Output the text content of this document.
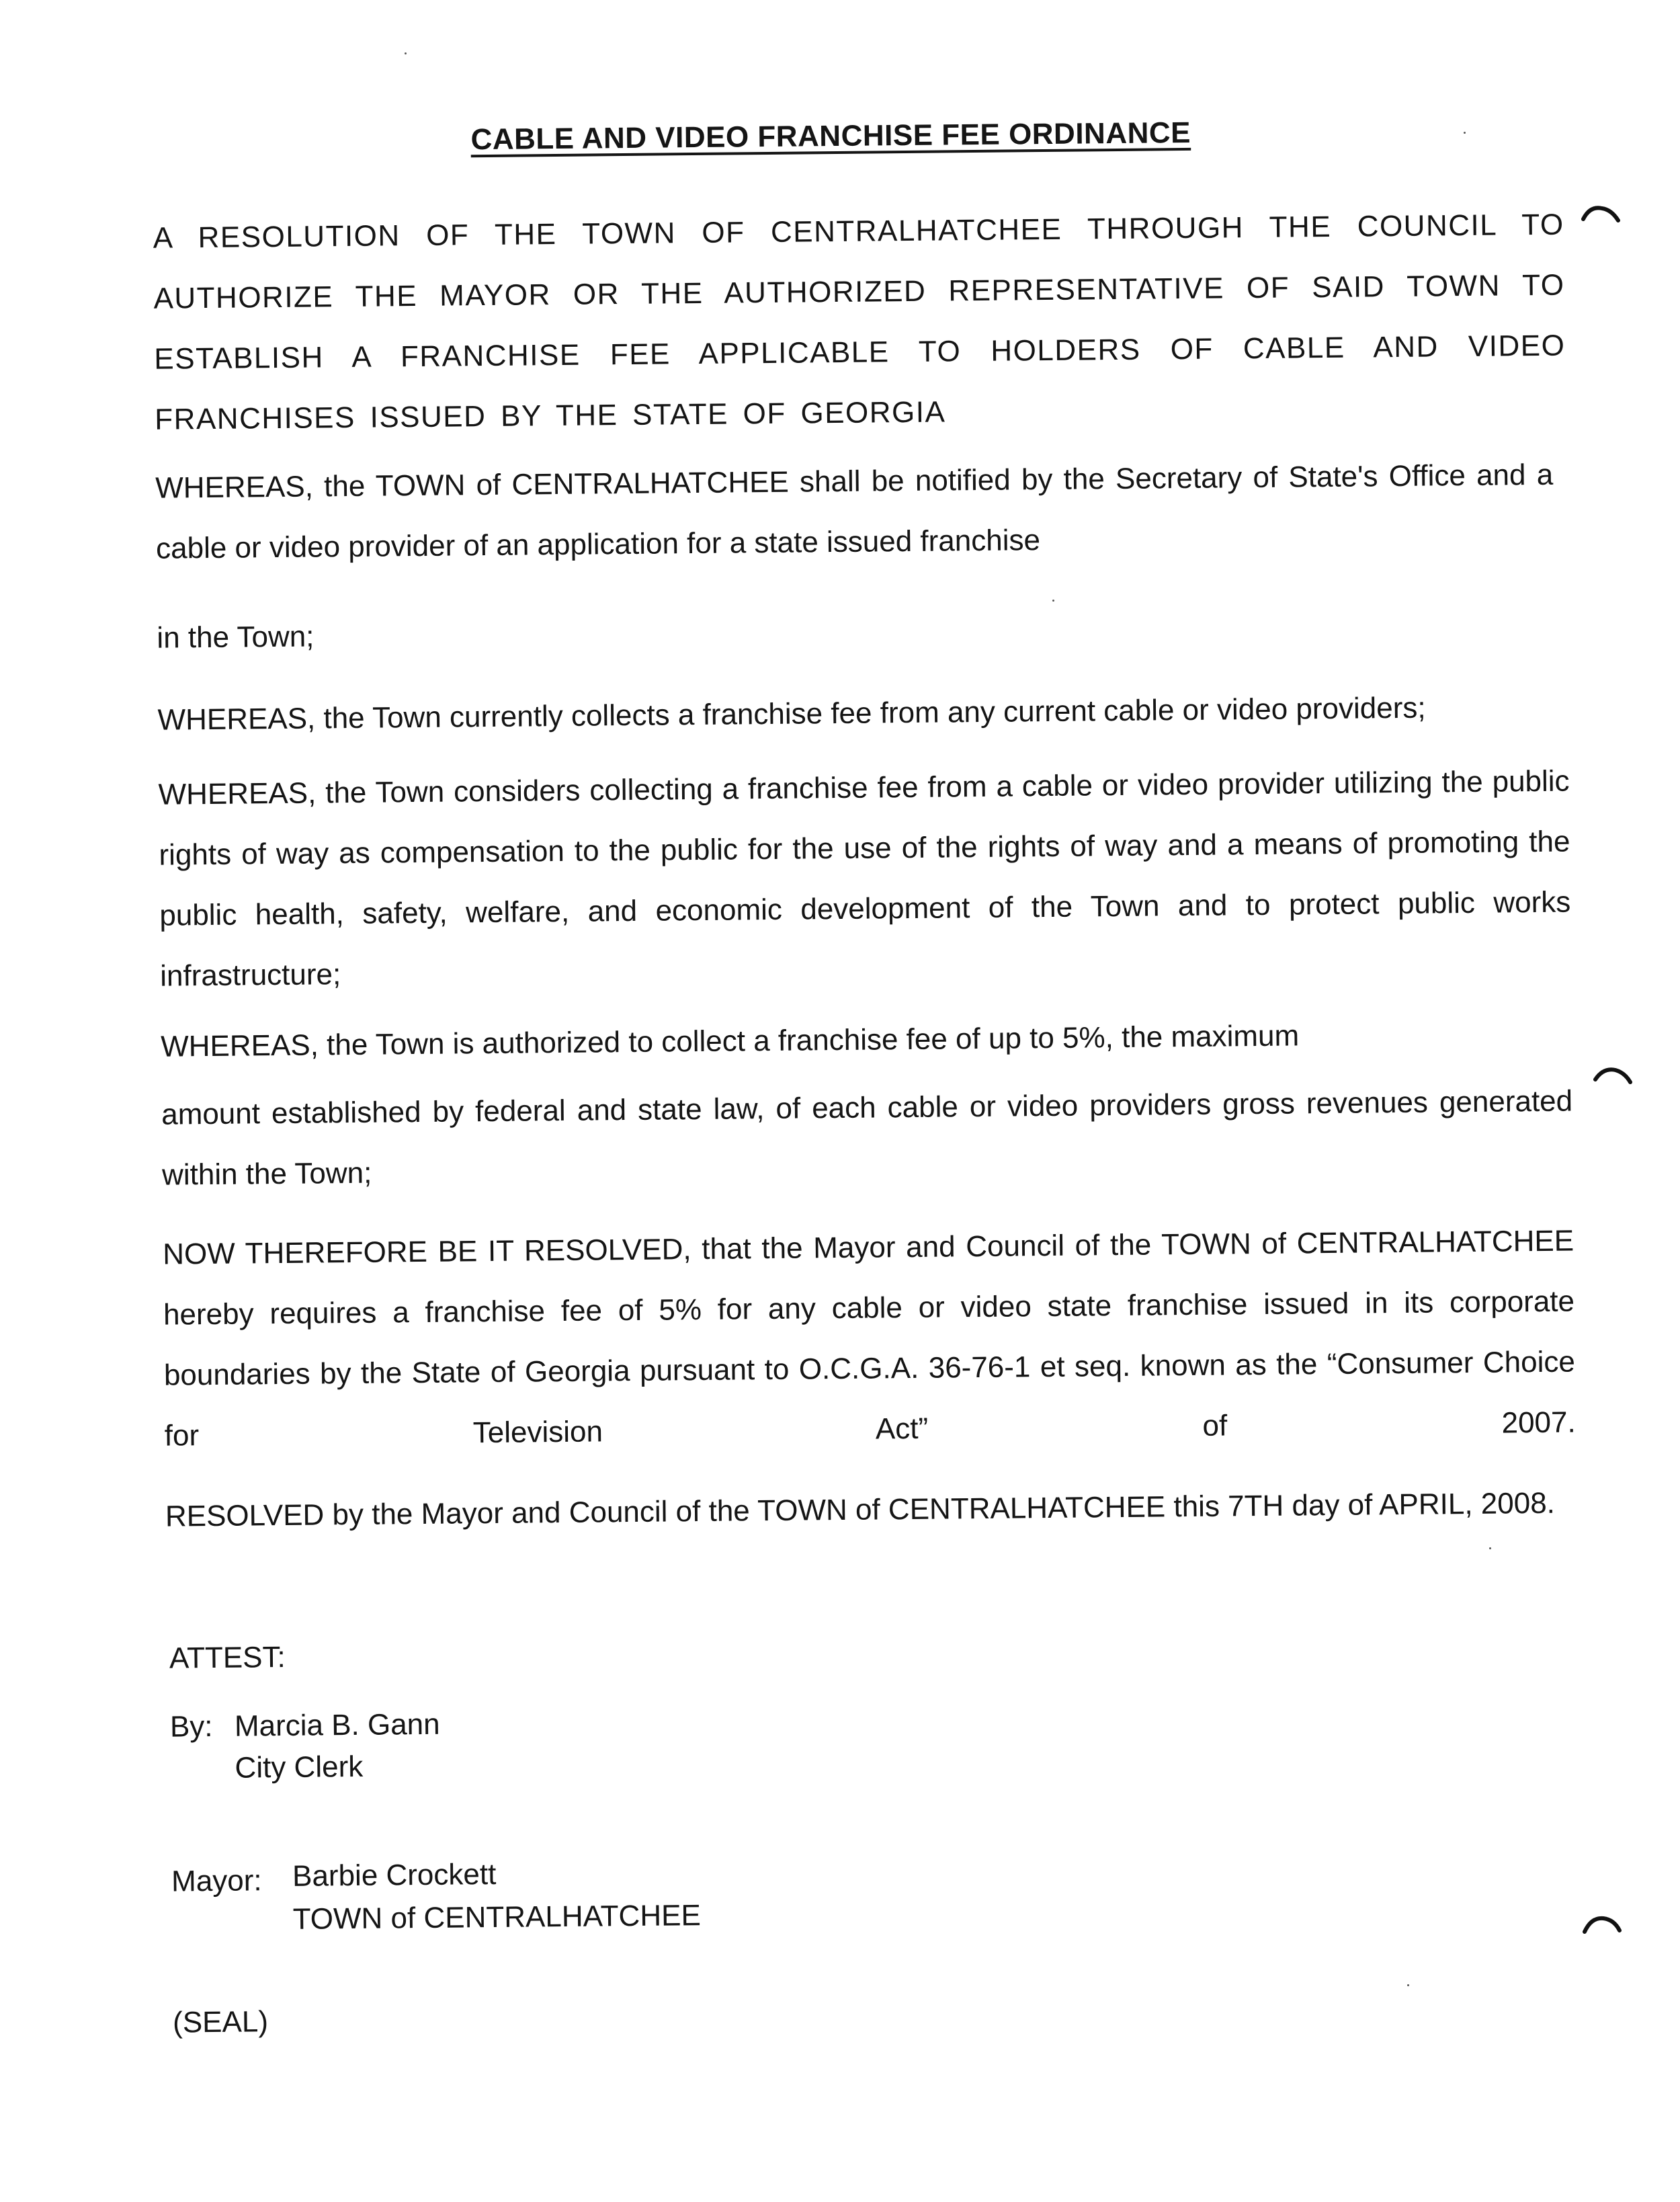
CABLE AND VIDEO FRANCHISE FEE ORDINANCE
A RESOLUTION OF THE TOWN OF CENTRALHATCHEE THROUGH THE COUNCIL TO AUTHORIZE THE MAYOR OR THE AUTHORIZED REPRESENTATIVE OF SAID TOWN TO ESTABLISH A FRANCHISE FEE APPLICABLE TO HOLDERS OF CABLE AND VIDEO
FRANCHISES ISSUED BY THE STATE OF GEORGIA

WHEREAS, the TOWN of CENTRALHATCHEE shall be notified by the Secretary of State's Office and a cable or video provider of an application for a state issued franchise

in the Town;

WHEREAS, the Town currently collects a franchise fee from any current cable or video providers;

WHEREAS, the Town considers collecting a franchise fee from a cable or video provider utilizing the public rights of way as compensation to the public for the use of the rights of way and a means of promoting the public health, safety, welfare, and economic development of the Town and to protect public works infrastructure;

WHEREAS, the Town is authorized to collect a franchise fee of up to 5%, the maximum

amount established by federal and state law, of each cable or video providers gross revenues generated within the Town;

NOW THEREFORE BE IT RESOLVED, that the Mayor and Council of the TOWN of CENTRALHATCHEE hereby requires a franchise fee of 5% for any cable or video state franchise issued in its corporate boundaries by the State of Georgia pursuant to O.C.G.A. 36-76-1 et seq. known as the “Consumer Choice for Television Act” of 2007.

RESOLVED by the Mayor and Council of the TOWN of CENTRALHATCHEE this 7TH day of APRIL, 2008.

ATTEST:
By: Marcia B. Gann
City Clerk
Mayor: Barbie Crockett
TOWN of CENTRALHATCHEE
(SEAL)
